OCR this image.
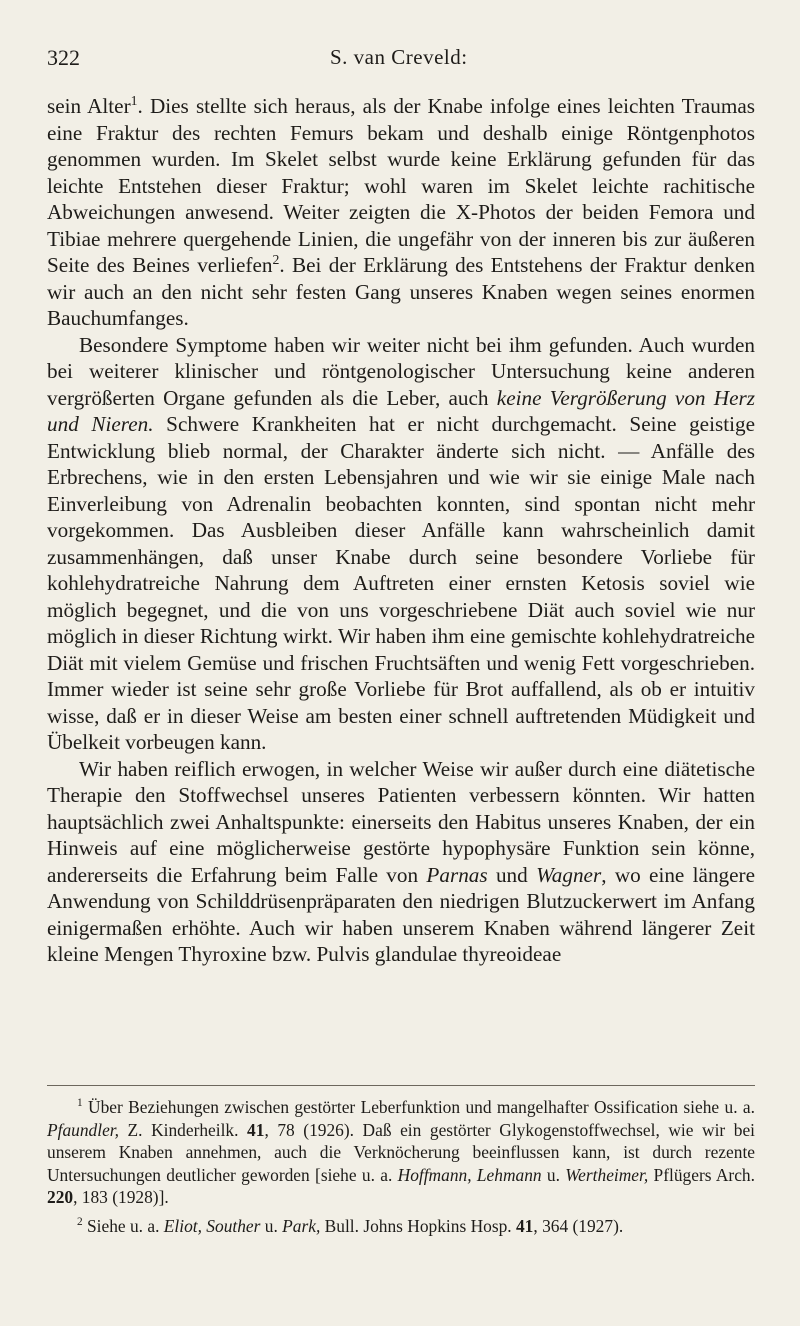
322	S. van Creveld:

sein Alter$^1$. Dies stellte sich heraus, als der Knabe infolge eines leichten Traumas eine Fraktur des rechten Femurs bekam und deshalb einige Röntgenphotos genommen wurden. Im Skelet selbst wurde keine Erklärung gefunden für das leichte Entstehen dieser Fraktur; wohl waren im Skelet leichte rachitische Abweichungen anwesend. Weiter zeigten die X-Photos der beiden Femora und Tibiae mehrere quergehende Linien, die ungefähr von der inneren bis zur äußeren Seite des Beines verliefen$^2$. Bei der Erklärung des Entstehens der Fraktur denken wir auch an den nicht sehr festen Gang unseres Knaben wegen seines enormen Bauchumfanges.

Besondere Symptome haben wir weiter nicht bei ihm gefunden. Auch wurden bei weiterer klinischer und röntgenologischer Untersuchung keine anderen vergrößerten Organe gefunden als die Leber, auch keine Vergrößerung von Herz und Nieren. Schwere Krankheiten hat er nicht durchgemacht. Seine geistige Entwicklung blieb normal, der Charakter änderte sich nicht. — Anfälle des Erbrechens, wie in den ersten Lebensjahren und wie wir sie einige Male nach Einverleibung von Adrenalin beobachten konnten, sind spontan nicht mehr vorgekommen. Das Ausbleiben dieser Anfälle kann wahrscheinlich damit zusammenhängen, daß unser Knabe durch seine besondere Vorliebe für kohlehydratreiche Nahrung dem Auftreten einer ernsten Ketosis soviel wie möglich begegnet, und die von uns vorgeschriebene Diät auch soviel wie nur möglich in dieser Richtung wirkt. Wir haben ihm eine gemischte kohlehydratreiche Diät mit vielem Gemüse und frischen Fruchtsäften und wenig Fett vorgeschrieben. Immer wieder ist seine sehr große Vorliebe für Brot auffallend, als ob er intuitiv wisse, daß er in dieser Weise am besten einer schnell auftretenden Müdigkeit und Übelkeit vorbeugen kann.

Wir haben reiflich erwogen, in welcher Weise wir außer durch eine diätetische Therapie den Stoffwechsel unseres Patienten verbessern könnten. Wir hatten hauptsächlich zwei Anhaltspunkte: einerseits den Habitus unseres Knaben, der ein Hinweis auf eine möglicherweise gestörte hypophysäre Funktion sein könne, andererseits die Erfahrung beim Falle von Parnas und Wagner, wo eine längere Anwendung von Schilddrüsenpräparaten den niedrigen Blutzuckerwert im Anfang einigermaßen erhöhte. Auch wir haben unserem Knaben während längerer Zeit kleine Mengen Thyroxine bzw. Pulvis glandulae thyreoideae

$^1$ Über Beziehungen zwischen gestörter Leberfunktion und mangelhafter Ossification siehe u. a. Pfaundler, Z. Kinderheilk. 41, 78 (1926). Daß ein gestörter Glykogenstoffwechsel, wie wir bei unserem Knaben annehmen, auch die Verknöcherung beeinflussen kann, ist durch rezente Untersuchungen deutlicher geworden [siehe u. a. Hoffmann, Lehmann u. Wertheimer, Pflügers Arch. 220, 183 (1928)].

$^2$ Siehe u. a. Eliot, Souther u. Park, Bull. Johns Hopkins Hosp. 41, 364 (1927).
